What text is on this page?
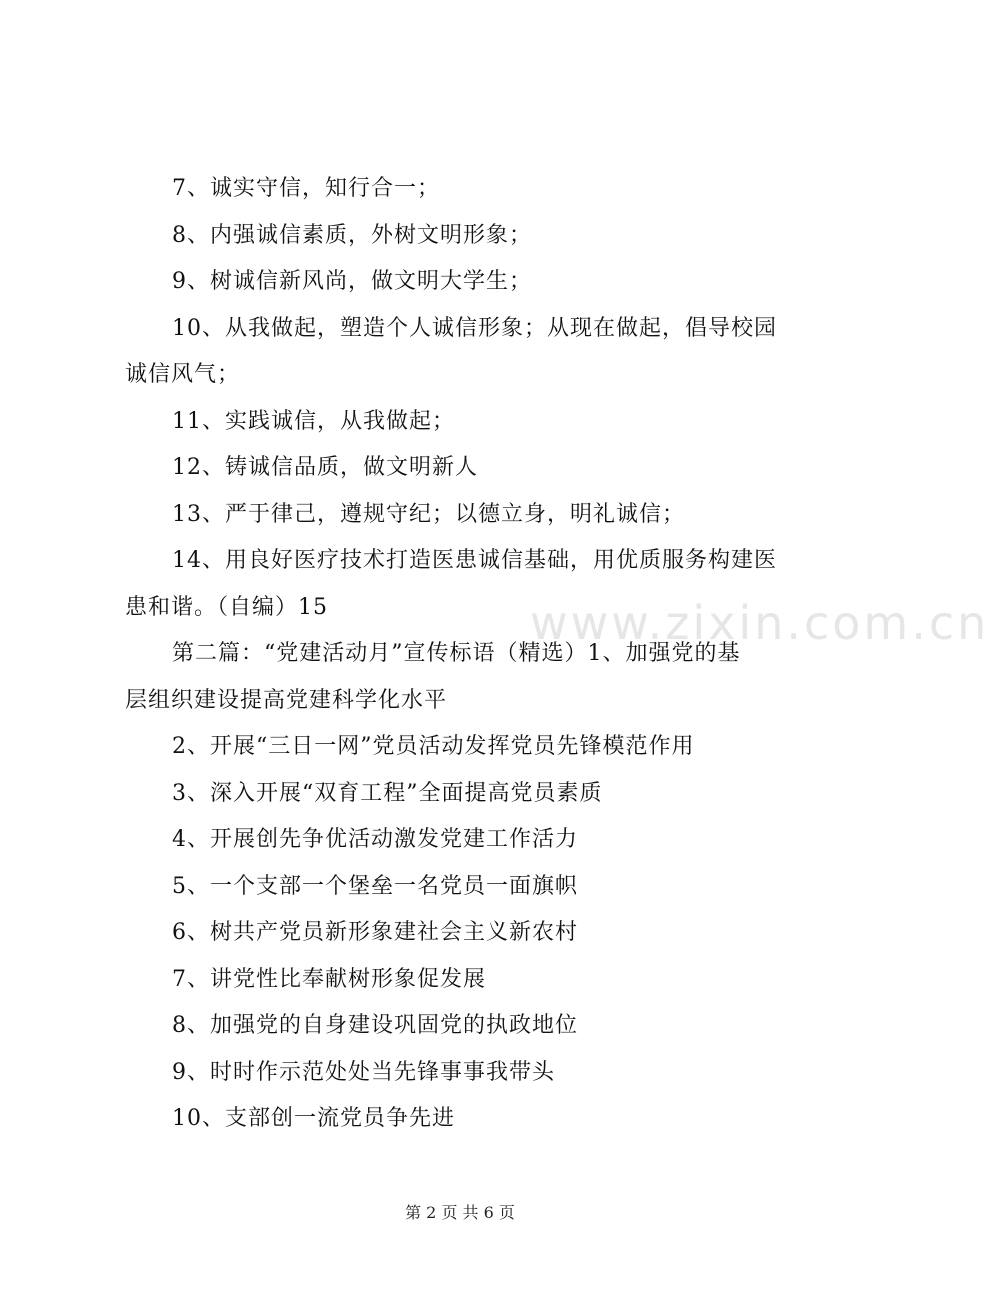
www.zixin.com.cn
7、诚实守信，知行合一；
8、内强诚信素质，外树文明形象；
9、树诚信新风尚，做文明大学生；
10、从我做起，塑造个人诚信形象；从现在做起，倡导校园
诚信风气；
11、实践诚信，从我做起；
12、铸诚信品质，做文明新人
13、严于律己，遵规守纪；以德立身，明礼诚信；
14、用良好医疗技术打造医患诚信基础，用优质服务构建医
患和谐。（自编）15
第二篇：“党建活动月”宣传标语（精选）1、加强党的基
层组织建设提高党建科学化水平
2、开展“三日一网”党员活动发挥党员先锋模范作用
3、深入开展“双育工程”全面提高党员素质
4、开展创先争优活动激发党建工作活力
5、一个支部一个堡垒一名党员一面旗帜
6、树共产党员新形象建社会主义新农村
7、讲党性比奉献树形象促发展
8、加强党的自身建设巩固党的执政地位
9、时时作示范处处当先锋事事我带头
10、支部创一流党员争先进
第 2 页 共 6 页
